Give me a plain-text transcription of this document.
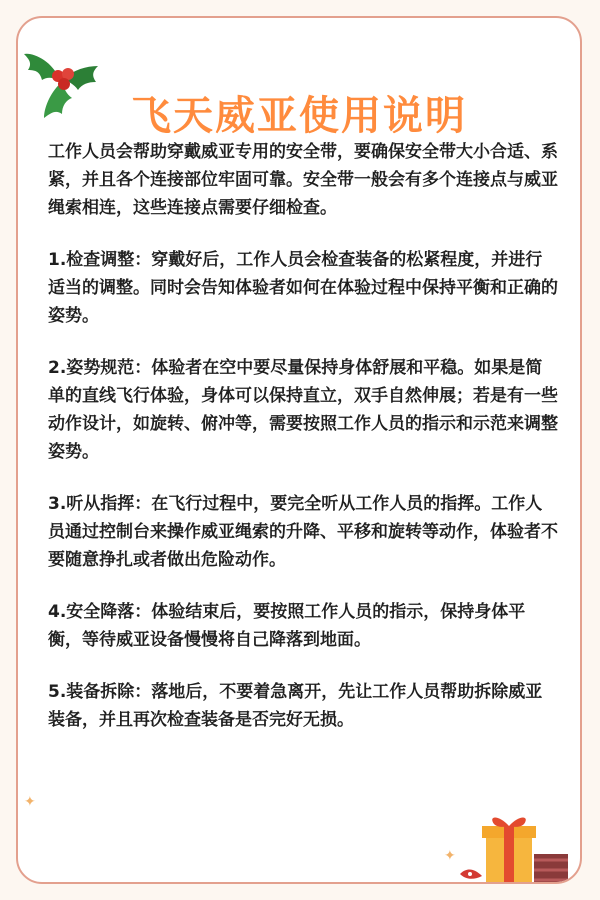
飞天威亚使用说明

工作人员会帮助穿戴威亚专用的安全带，要确保安全带大小合适、系紧，并且各个连接部位牢固可靠。安全带一般会有多个连接点与威亚绳索相连，这些连接点需要仔细检查。

1.检查调整：穿戴好后，工作人员会检查装备的松紧程度，并进行适当的调整。同时会告知体验者如何在体验过程中保持平衡和正确的姿势。

2.姿势规范：体验者在空中要尽量保持身体舒展和平稳。如果是简单的直线飞行体验，身体可以保持直立，双手自然伸展；若是有一些动作设计，如旋转、俯冲等，需要按照工作人员的指示和示范来调整姿势。

3.听从指挥：在飞行过程中，要完全听从工作人员的指挥。工作人员通过控制台来操作威亚绳索的升降、平移和旋转等动作，体验者不要随意挣扎或者做出危险动作。

4.安全降落：体验结束后，要按照工作人员的指示，保持身体平衡，等待威亚设备慢慢将自己降落到地面。

5.装备拆除：落地后，不要着急离开，先让工作人员帮助拆除威亚装备，并且再次检查装备是否完好无损。

✦
✦
